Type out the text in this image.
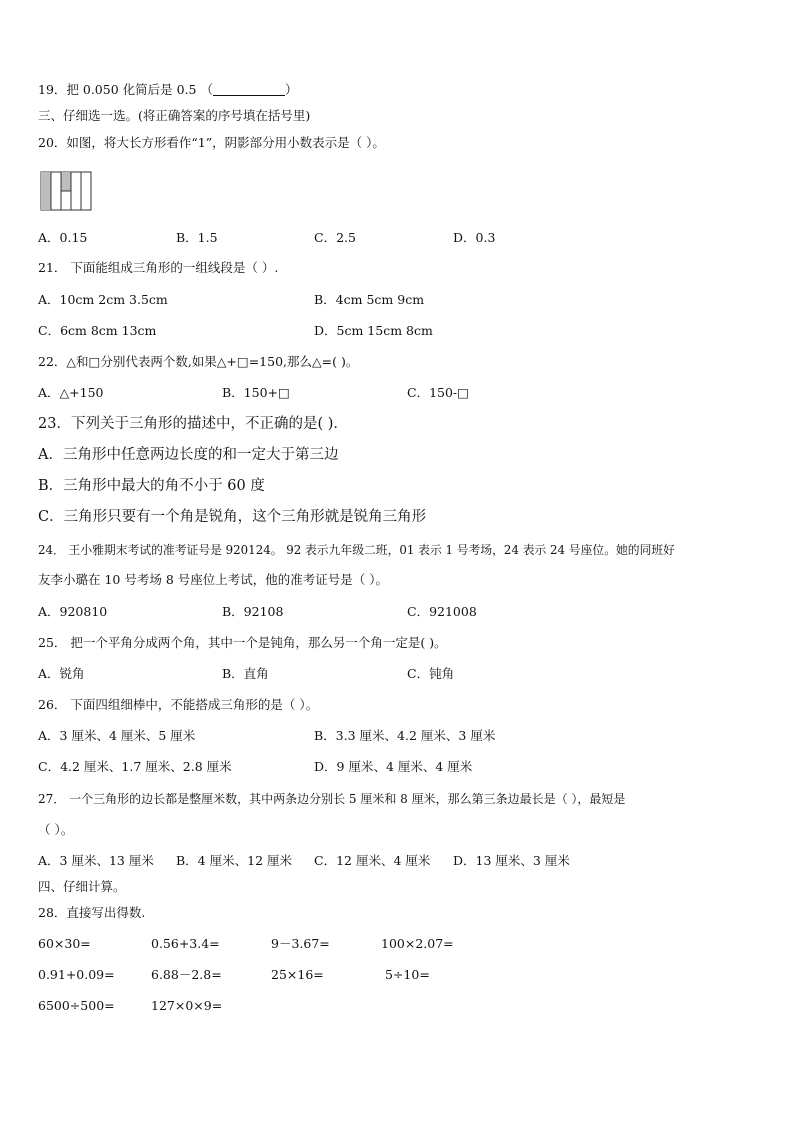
19．把 0.050 化简后是 0.5 （	）
三、仔细选一选。(将正确答案的序号填在括号里)
20．如图，将大长方形看作“1”，阴影部分用小数表示是（ ）。
A．0.15	B．1.5	C．2.5	D．0.3
21． 下面能组成三角形的一组线段是（ ）.
A．10cm 2cm 3.5cm	B．4cm 5cm 9cm
C．6cm 8cm 13cm	D．5cm 15cm 8cm
22．△和□分别代表两个数,如果△+□=150,那么△=( )。
A．△+150	B．150+□	C．150-□
23．下列关于三角形的描述中，不正确的是( )．
A．三角形中任意两边长度的和一定大于第三边
B．三角形中最大的角不小于 60 度
C．三角形只要有一个角是锐角，这个三角形就是锐角三角形
24． 王小雅期末考试的准考证号是 920124。 92 表示九年级二班，01 表示 1 号考场，24 表示 24 号座位。她的同班好
友李小璐在 10 号考场 8 号座位上考试，他的准考证号是（ ）。
A．920810	B．92108	C．921008
25． 把一个平角分成两个角，其中一个是钝角，那么另一个角一定是( )。
A．锐角	B．直角	C．钝角
26． 下面四组细棒中，不能搭成三角形的是（ ）。
A．3 厘米、4 厘米、5 厘米	B．3.3 厘米、4.2 厘米、3 厘米
C．4.2 厘米、1.7 厘米、2.8 厘米	D．9 厘米、4 厘米、4 厘米
27． 一个三角形的边长都是整厘米数，其中两条边分别长 5 厘米和 8 厘米，那么第三条边最长是（ ），最短是
（ ）。
A．3 厘米、13 厘米 B．4 厘米、12 厘米 C．12 厘米、4 厘米 D．13 厘米、3 厘米
四、仔细计算。
28．直接写出得数.
60×30=	0.56+3.4=	9－3.67=	100×2.07=
0.91+0.09=	6.88－2.8=	25×16=	5÷10=
6500÷500=	127×0×9=
